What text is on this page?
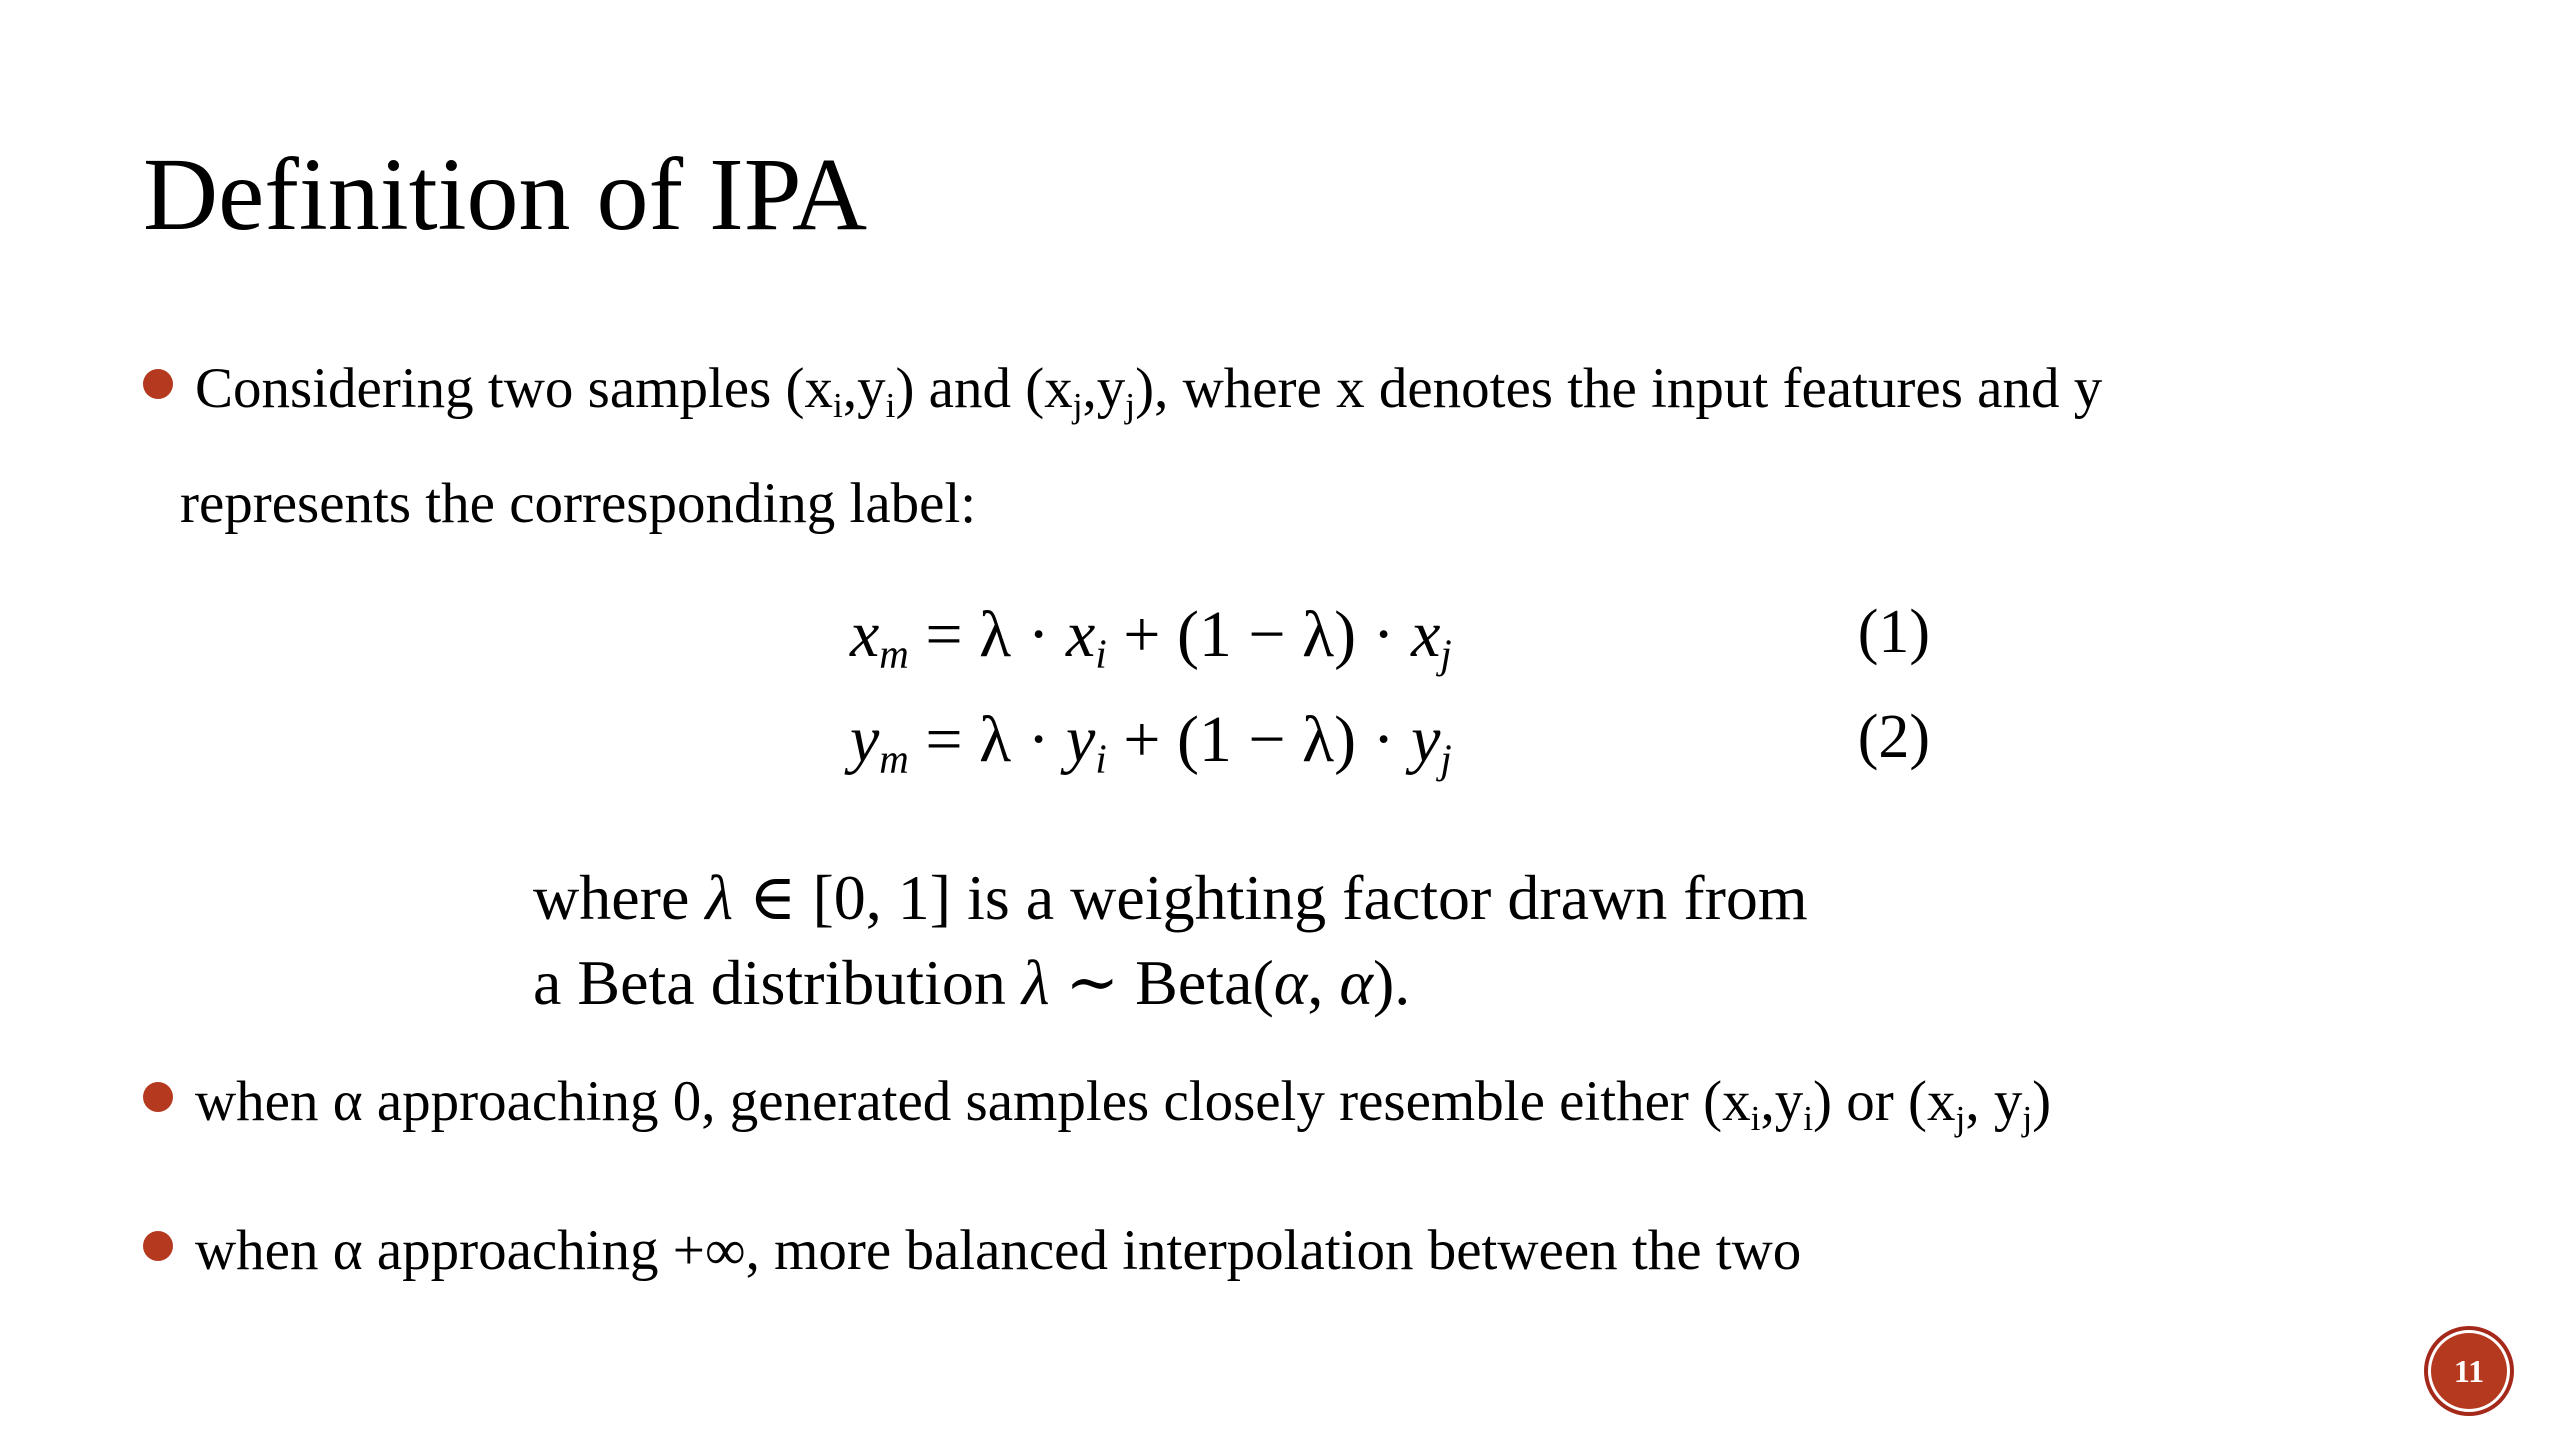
Definition of IPA
Considering two samples $(x_i,y_i)$ and $(x_j,y_j)$, where x denotes the input features and y
represents the corresponding label:
$x_m = \lambda \cdot x_i + (1 - \lambda) \cdot x_j$	(1)
$y_m = \lambda \cdot y_i + (1 - \lambda) \cdot y_j$	(2)
where λ ∈ [0, 1] is a weighting factor drawn from
a Beta distribution λ ∼ Beta(α, α).
when α approaching 0, generated samples closely resemble either $(x_i,y_i)$ or ($x_j$, $y_j$)
when α approaching +∞, more balanced interpolation between the two
11
